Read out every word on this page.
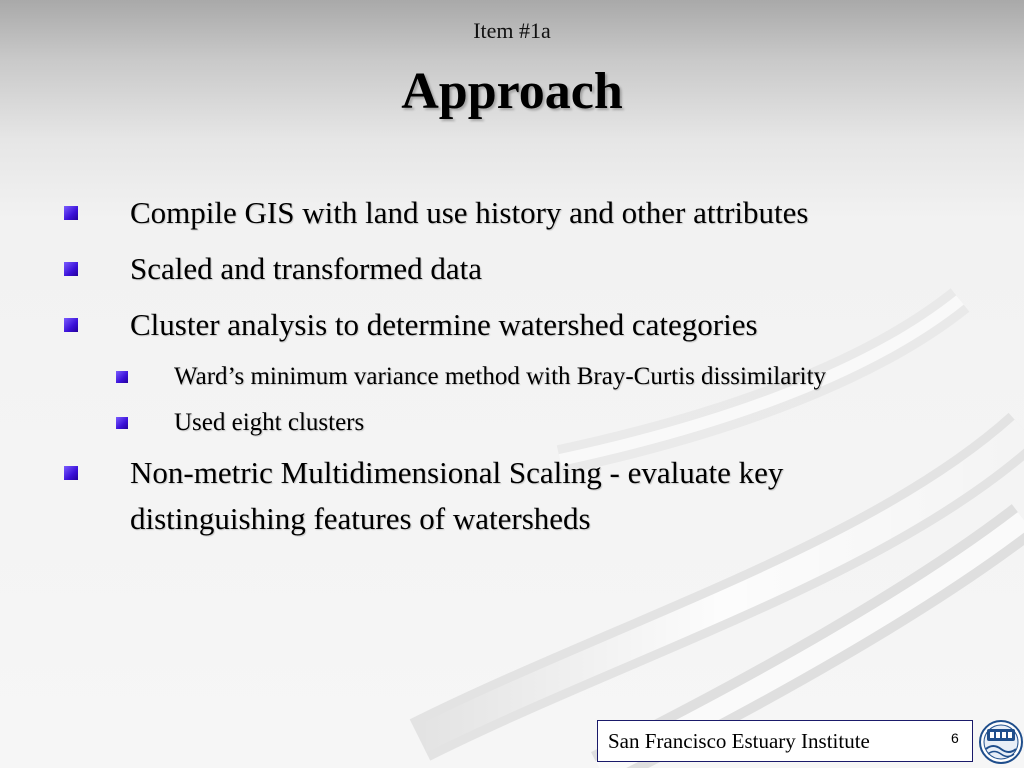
Item #1a
Approach
Compile GIS with land use history and other attributes
Scaled and transformed data
Cluster analysis to determine watershed categories
Ward’s minimum variance method with Bray-Curtis dissimilarity
Used eight clusters
Non-metric Multidimensional Scaling - evaluate key distinguishing features of watersheds
San Francisco Estuary Institute	6
